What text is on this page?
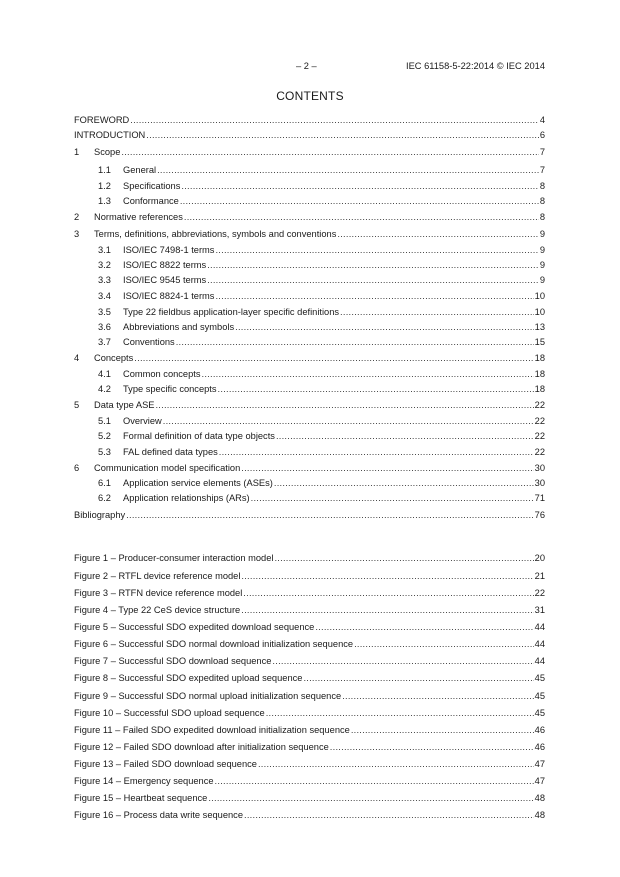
– 2 –	IEC 61158-5-22:2014 © IEC 2014
CONTENTS
FOREWORD .....	4
INTRODUCTION .....	6
1	Scope .....	7
1.1	General .....	7
1.2	Specifications .....	8
1.3	Conformance .....	8
2	Normative references .....	8
3	Terms, definitions, abbreviations, symbols and conventions .....	9
3.1	ISO/IEC 7498-1 terms .....	9
3.2	ISO/IEC 8822 terms .....	9
3.3	ISO/IEC 9545 terms .....	9
3.4	ISO/IEC 8824-1 terms .....	10
3.5	Type 22 fieldbus application-layer specific definitions .....	10
3.6	Abbreviations and symbols .....	13
3.7	Conventions .....	15
4	Concepts .....	18
4.1	Common concepts .....	18
4.2	Type specific concepts .....	18
5	Data type ASE .....	22
5.1	Overview .....	22
5.2	Formal definition of data type objects .....	22
5.3	FAL defined data types .....	22
6	Communication model specification .....	30
6.1	Application service elements (ASEs) .....	30
6.2	Application relationships (ARs) .....	71
Bibliography .....	76
Figure 1 – Producer-consumer interaction model .....	20
Figure 2 – RTFL device reference model .....	21
Figure 3 – RTFN device reference model .....	22
Figure 4 – Type 22 CeS device structure .....	31
Figure 5 – Successful SDO expedited download sequence .....	44
Figure 6 – Successful SDO normal download initialization sequence .....	44
Figure 7 – Successful SDO download sequence .....	44
Figure 8 – Successful SDO expedited upload sequence .....	45
Figure 9 – Successful SDO normal upload initialization sequence .....	45
Figure 10 – Successful SDO upload sequence .....	45
Figure 11 – Failed SDO expedited download initialization sequence .....	46
Figure 12 – Failed SDO download after initialization sequence .....	46
Figure 13 – Failed SDO download sequence .....	47
Figure 14 – Emergency sequence .....	47
Figure 15 – Heartbeat sequence .....	48
Figure 16 – Process data write sequence .....	48
